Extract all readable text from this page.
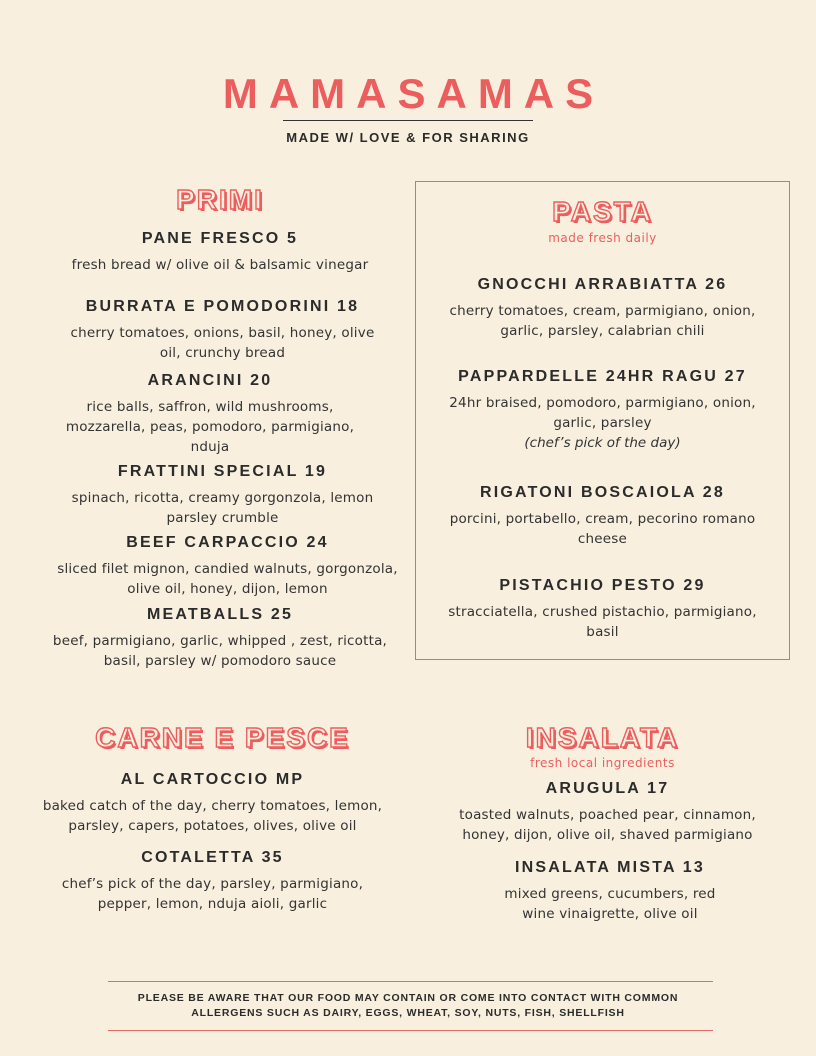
MAMASAMAS
MADE W/ LOVE & FOR SHARING
PRIMI
PANE FRESCO 5
fresh bread w/ olive oil & balsamic vinegar
BURRATA E POMODORINI 18
cherry tomatoes, onions, basil, honey, olive oil, crunchy bread
ARANCINI 20
rice balls, saffron, wild mushrooms, mozzarella, peas, pomodoro, parmigiano, nduja
FRATTINI SPECIAL 19
spinach, ricotta, creamy gorgonzola, lemon parsley crumble
BEEF CARPACCIO 24
sliced filet mignon, candied walnuts, gorgonzola, olive oil, honey, dijon, lemon
MEATBALLS 25
beef, parmigiano, garlic, whipped , zest, ricotta, basil, parsley w/ pomodoro sauce
PASTA
made fresh daily
GNOCCHI ARRABIATTA 26
cherry tomatoes, cream, parmigiano, onion, garlic, parsley, calabrian chili
PAPPARDELLE 24HR RAGU 27
24hr braised, pomodoro, parmigiano, onion, garlic, parsley
(chef’s pick of the day)
RIGATONI BOSCAIOLA 28
porcini, portabello, cream, pecorino romano cheese
PISTACHIO PESTO 29
stracciatella, crushed pistachio, parmigiano, basil
CARNE E PESCE
AL CARTOCCIO MP
baked catch of the day, cherry tomatoes, lemon, parsley, capers, potatoes, olives, olive oil
COTALETTA 35
chef’s pick of the day, parsley, parmigiano, pepper, lemon, nduja aioli, garlic
INSALATA
fresh local ingredients
ARUGULA 17
toasted walnuts, poached pear, cinnamon, honey, dijon, olive oil, shaved parmigiano
INSALATA MISTA 13
mixed greens, cucumbers, red wine vinaigrette, olive oil
PLEASE BE AWARE THAT OUR FOOD MAY CONTAIN OR COME INTO CONTACT WITH COMMON
ALLERGENS SUCH AS DAIRY, EGGS, WHEAT, SOY, NUTS, FISH, SHELLFISH
